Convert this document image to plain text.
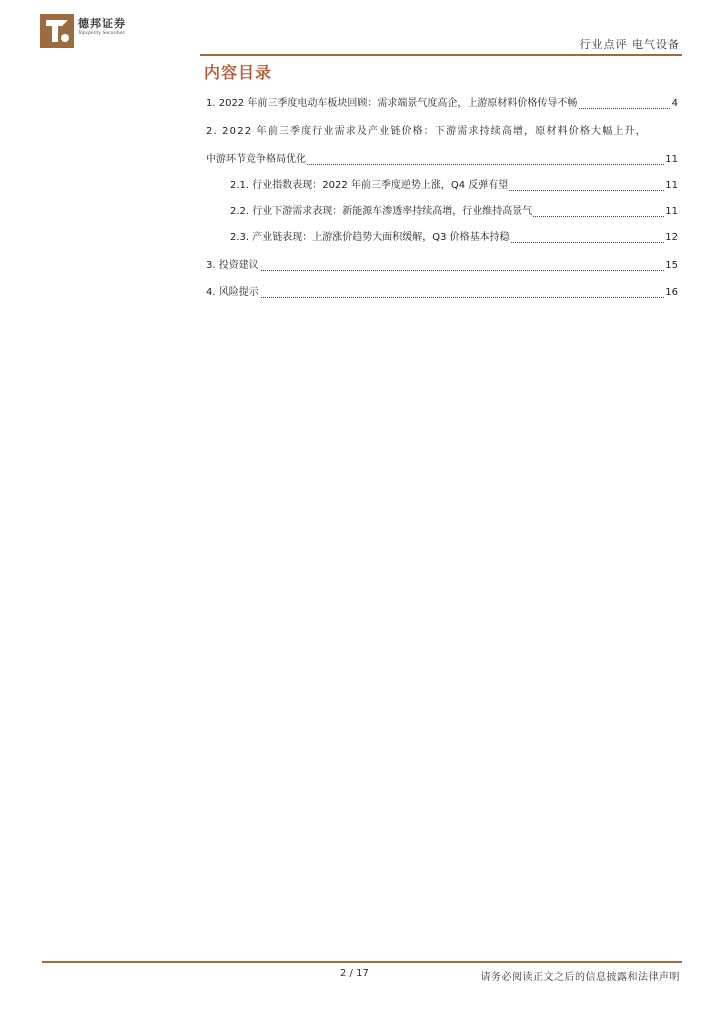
德邦证券
Topsperity Securities
行业点评 电气设备
内容目录
1. 2022 年前三季度电动车板块回顾：需求端景气度高企，上游原材料价格传导不畅	4
2. 2022 年前三季度行业需求及产业链价格：下游需求持续高增，原材料价格大幅上升，
中游环节竞争格局优化	11
2.1. 行业指数表现：2022 年前三季度逆势上涨，Q4 反弹有望	11
2.2. 行业下游需求表现：新能源车渗透率持续高增，行业维持高景气	11
2.3. 产业链表现：上游涨价趋势大面积缓解，Q3 价格基本持稳	12
3. 投资建议	15
4. 风险提示	16
2 / 17	请务必阅读正文之后的信息披露和法律声明
